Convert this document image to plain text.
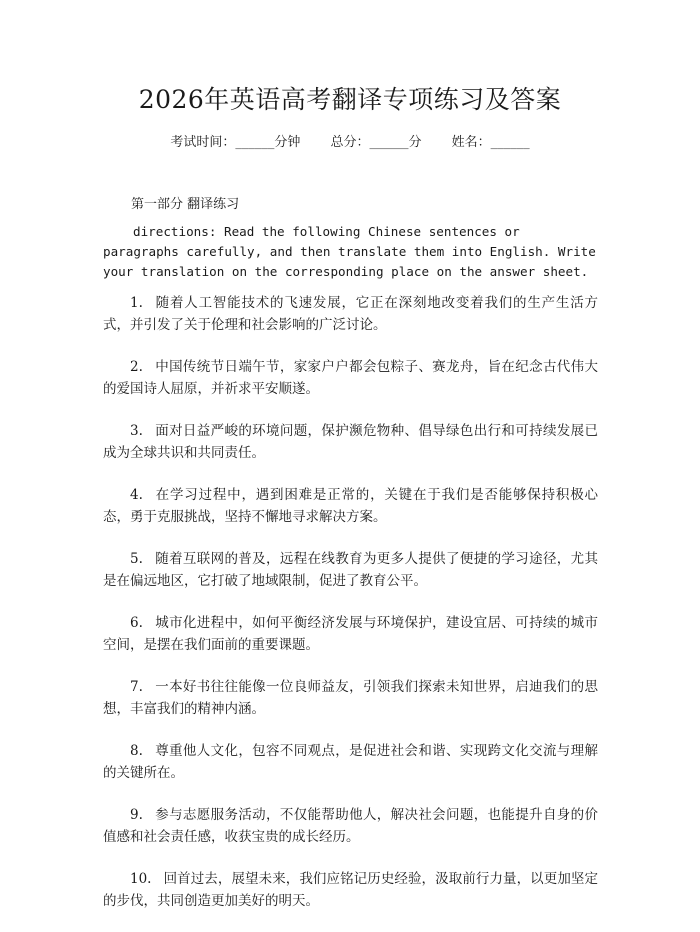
2026年英语高考翻译专项练习及答案
考试时间：______分钟 总分：______分 姓名：______
第一部分 翻译练习
directions: Read the following Chinese sentences or paragraphs carefully, and then translate them into English. Write your translation on the corresponding place on the answer sheet.
1. 随着人工智能技术的飞速发展，它正在深刻地改变着我们的生产生活方式，并引发了关于伦理和社会影响的广泛讨论。
2. 中国传统节日端午节，家家户户都会包粽子、赛龙舟，旨在纪念古代伟大的爱国诗人屈原，并祈求平安顺遂。
3. 面对日益严峻的环境问题，保护濒危物种、倡导绿色出行和可持续发展已成为全球共识和共同责任。
4. 在学习过程中，遇到困难是正常的，关键在于我们是否能够保持积极心态，勇于克服挑战，坚持不懈地寻求解决方案。
5. 随着互联网的普及，远程在线教育为更多人提供了便捷的学习途径，尤其是在偏远地区，它打破了地域限制，促进了教育公平。
6. 城市化进程中，如何平衡经济发展与环境保护，建设宜居、可持续的城市空间，是摆在我们面前的重要课题。
7. 一本好书往往能像一位良师益友，引领我们探索未知世界，启迪我们的思想，丰富我们的精神内涵。
8. 尊重他人文化，包容不同观点，是促进社会和谐、实现跨文化交流与理解的关键所在。
9. 参与志愿服务活动，不仅能帮助他人，解决社会问题，也能提升自身的价值感和社会责任感，收获宝贵的成长经历。
10. 回首过去，展望未来，我们应铭记历史经验，汲取前行力量，以更加坚定的步伐，共同创造更加美好的明天。
